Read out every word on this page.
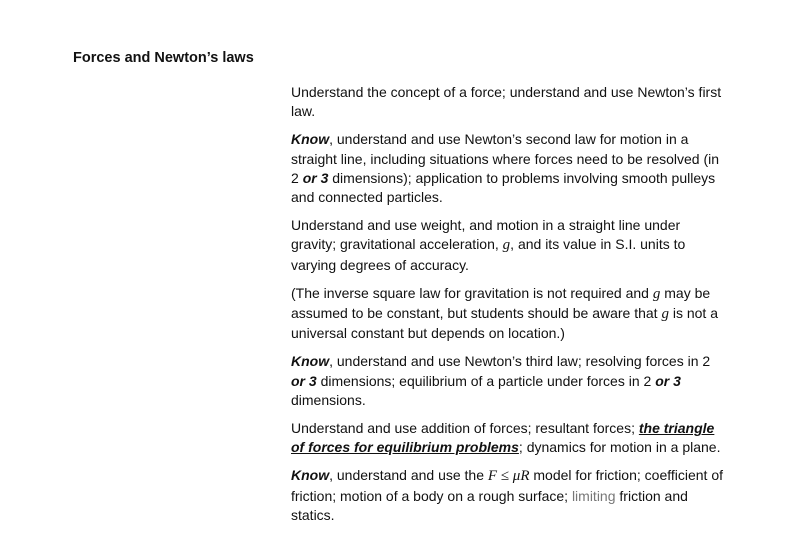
Forces and Newton’s laws

Understand the concept of a force; understand and use Newton’s first law.

Know, understand and use Newton’s second law for motion in a straight line, including situations where forces need to be resolved (in 2 or 3 dimensions); application to problems involving smooth pulleys and connected particles.

Understand and use weight, and motion in a straight line under gravity; gravitational acceleration, g, and its value in S.I. units to varying degrees of accuracy.

(The inverse square law for gravitation is not required and g may be assumed to be constant, but students should be aware that g is not a universal constant but depends on location.)

Know, understand and use Newton’s third law; resolving forces in 2 or 3 dimensions; equilibrium of a particle under forces in 2 or 3 dimensions.

Understand and use addition of forces; resultant forces; the triangle of forces for equilibrium problems; dynamics for motion in a plane.

Know, understand and use the F ≤ μR model for friction; coefficient of friction; motion of a body on a rough surface; limiting friction and statics.
